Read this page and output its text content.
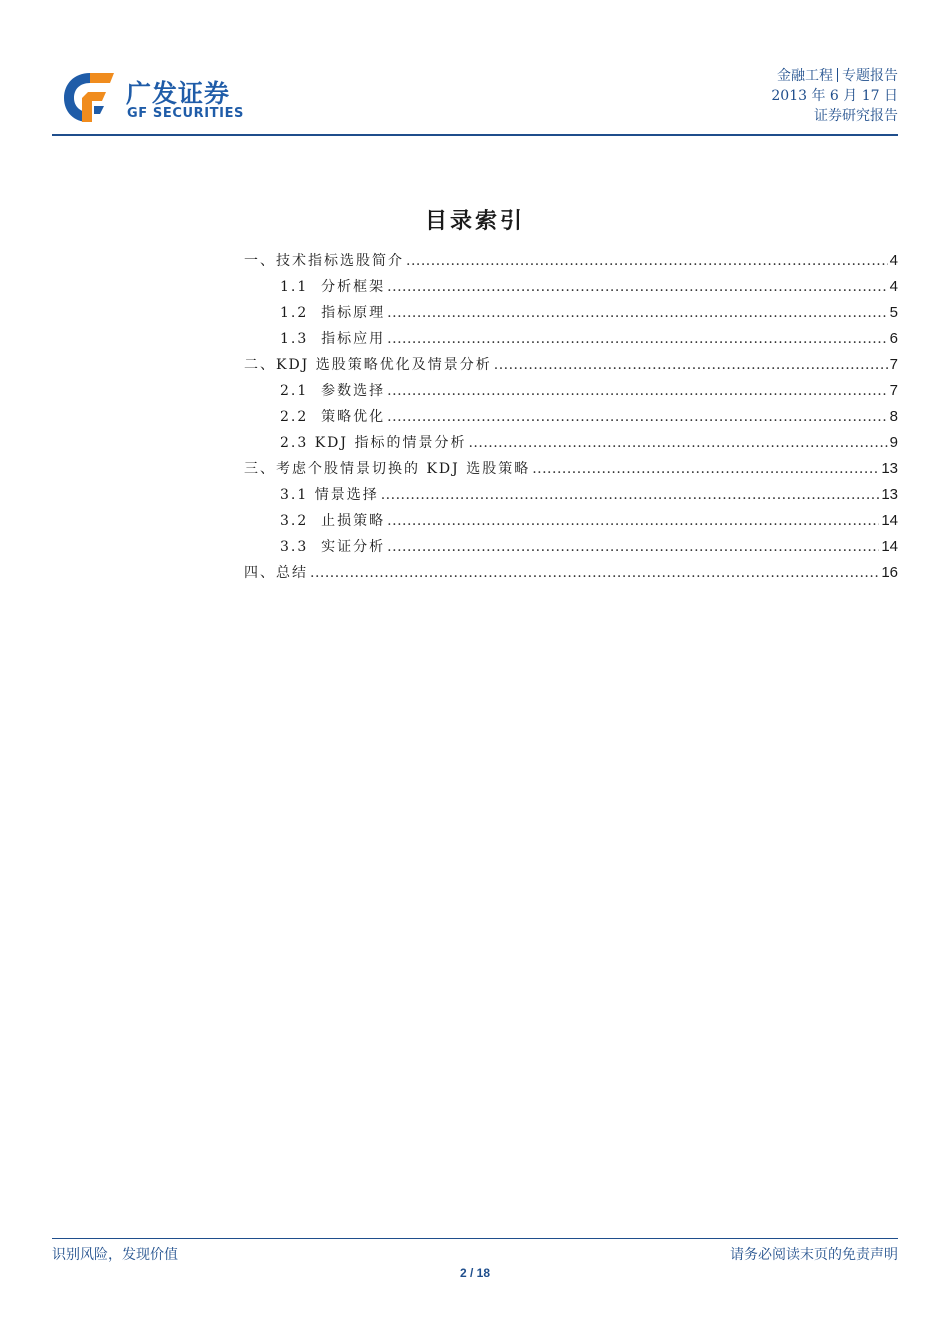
广发证券
GF SECURITIES
金融工程 专题报告
2013 年 6 月 17 日
证券研究报告
目录索引
一、技术指标选股简介 .....	4
1.1  分析框架 .....	4
1.2  指标原理 .....	5
1.3  指标应用 .....	6
二、KDJ 选股策略优化及情景分析 .....	7
2.1  参数选择 .....	7
2.2  策略优化 .....	8
2.3 KDJ 指标的情景分析 .....	9
三、考虑个股情景切换的 KDJ 选股策略 .....	13
3.1 情景选择 .....	13
3.2  止损策略 .....	14
3.3  实证分析 .....	14
四、总结 .....	16
识别风险，发现价值	请务必阅读末页的免责声明
2 / 18
